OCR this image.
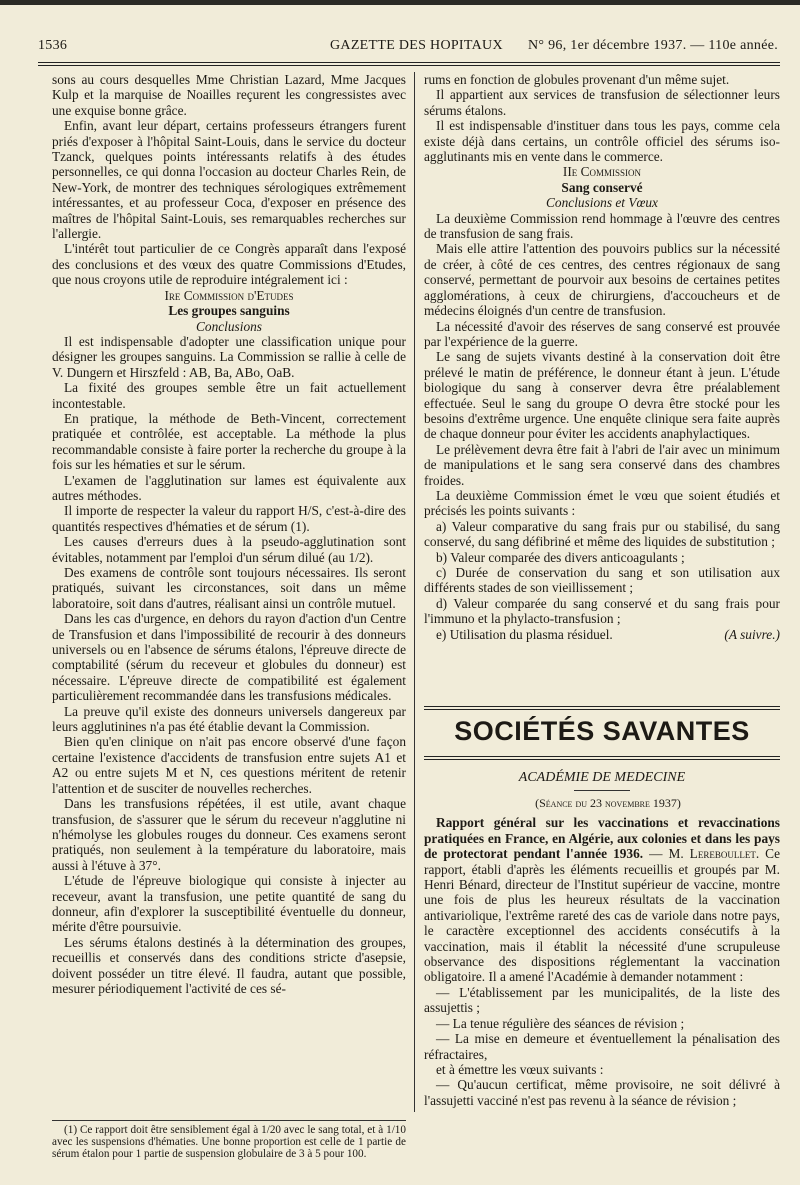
1536	GAZETTE DES HOPITAUX N° 96, 1er décembre 1937. — 110e année.

sons au cours desquelles Mme Christian Lazard, Mme Jacques Kulp et la marquise de Noailles reçurent les congressistes avec une exquise bonne grâce.

Enfin, avant leur départ, certains professeurs étrangers furent priés d'exposer à l'hôpital Saint-Louis, dans le service du docteur Tzanck, quelques points intéressants relatifs à des études personnelles, ce qui donna l'occasion au docteur Charles Rein, de New-York, de montrer des techniques sérologiques extrêmement intéressantes, et au professeur Coca, d'exposer en présence des maîtres de l'hôpital Saint-Louis, ses remarquables recherches sur l'allergie.

L'intérêt tout particulier de ce Congrès apparaît dans l'exposé des conclusions et des vœux des quatre Commissions d'Etudes, que nous croyons utile de reproduire intégralement ici :

Ire Commission d'Etudes

Les groupes sanguins

Conclusions

Il est indispensable d'adopter une classification unique pour désigner les groupes sanguins. La Commission se rallie à celle de V. Dungern et Hirszfeld : AB, Ba, ABo, OaB.

La fixité des groupes semble être un fait actuellement incontestable.

En pratique, la méthode de Beth-Vincent, correctement pratiquée et contrôlée, est acceptable. La méthode la plus recommandable consiste à faire porter la recherche du groupe à la fois sur les hématies et sur le sérum.

L'examen de l'agglutination sur lames est équivalente aux autres méthodes.

Il importe de respecter la valeur du rapport H/S, c'est-à-dire des quantités respectives d'hématies et de sérum (1).

Les causes d'erreurs dues à la pseudo-agglutination sont évitables, notamment par l'emploi d'un sérum dilué (au 1/2).

Des examens de contrôle sont toujours nécessaires. Ils seront pratiqués, suivant les circonstances, soit dans un même laboratoire, soit dans d'autres, réalisant ainsi un contrôle mutuel.

Dans les cas d'urgence, en dehors du rayon d'action d'un Centre de Transfusion et dans l'impossibilité de recourir à des donneurs universels ou en l'absence de sérums étalons, l'épreuve directe de comptabilité (sérum du receveur et globules du donneur) est nécessaire. L'épreuve directe de compatibilité est également particulièrement recommandée dans les transfusions médicales.

La preuve qu'il existe des donneurs universels dangereux par leurs agglutinines n'a pas été établie devant la Commission.

Bien qu'en clinique on n'ait pas encore observé d'une façon certaine l'existence d'accidents de transfusion entre sujets A1 et A2 ou entre sujets M et N, ces questions méritent de retenir l'attention et de susciter de nouvelles recherches.

Dans les transfusions répétées, il est utile, avant chaque transfusion, de s'assurer que le sérum du receveur n'agglutine ni n'hémolyse les globules rouges du donneur. Ces examens seront pratiqués, non seulement à la température du laboratoire, mais aussi à l'étuve à 37°.

L'étude de l'épreuve biologique qui consiste à injecter au receveur, avant la transfusion, une petite quantité de sang du donneur, afin d'explorer la susceptibilité éventuelle du donneur, mérite d'être poursuivie.

Les sérums étalons destinés à la détermination des groupes, recueillis et conservés dans des conditions stricte d'asepsie, doivent posséder un titre élevé. Il faudra, autant que possible, mesurer périodiquement l'activité de ces sé-

(1) Ce rapport doit être sensiblement égal à 1/20 avec le sang total, et à 1/10 avec les suspensions d'hématies. Une bonne proportion est celle de 1 partie de sérum étalon pour 1 partie de suspension globulaire de 3 à 5 pour 100.

rums en fonction de globules provenant d'un même sujet.

Il appartient aux services de transfusion de sélectionner leurs sérums étalons.

Il est indispensable d'instituer dans tous les pays, comme cela existe déjà dans certains, un contrôle officiel des sérums iso-agglutinants mis en vente dans le commerce.

IIe Commission

Sang conservé

Conclusions et Vœux

La deuxième Commission rend hommage à l'œuvre des centres de transfusion de sang frais.

Mais elle attire l'attention des pouvoirs publics sur la nécessité de créer, à côté de ces centres, des centres régionaux de sang conservé, permettant de pourvoir aux besoins de certaines petites agglomérations, à ceux de chirurgiens, d'accoucheurs et de médecins éloignés d'un centre de transfusion.

La nécessité d'avoir des réserves de sang conservé est prouvée par l'expérience de la guerre.

Le sang de sujets vivants destiné à la conservation doit être prélevé le matin de préférence, le donneur étant à jeun. L'étude biologique du sang à conserver devra être préalablement effectuée. Seul le sang du groupe O devra être stocké pour les besoins d'extrême urgence. Une enquête clinique sera faite auprès de chaque donneur pour éviter les accidents anaphylactiques.

Le prélèvement devra être fait à l'abri de l'air avec un minimum de manipulations et le sang sera conservé dans des chambres froides.

La deuxième Commission émet le vœu que soient étudiés et précisés les points suivants :

a) Valeur comparative du sang frais pur ou stabilisé, du sang conservé, du sang défibriné et même des liquides de substitution ;

b) Valeur comparée des divers anticoagulants ;

c) Durée de conservation du sang et son utilisation aux différents stades de son vieillissement ;

d) Valeur comparée du sang conservé et du sang frais pour l'immuno et la phylacto-transfusion ;

e) Utilisation du plasma résiduel.	(A suivre.)

SOCIÉTÉS SAVANTES
ACADÉMIE DE MEDECINE

(Séance du 23 novembre 1937)

Rapport général sur les vaccinations et revaccinations pratiquées en France, en Algérie, aux colonies et dans les pays de protectorat pendant l'année 1936. — M. Lereboullet. Ce rapport, établi d'après les éléments recueillis et groupés par M. Henri Bénard, directeur de l'Institut supérieur de vaccine, montre une fois de plus les heureux résultats de la vaccination antivariolique, l'extrême rareté des cas de variole dans notre pays, le caractère exceptionnel des accidents consécutifs à la vaccination, mais il établit la nécessité d'une scrupuleuse observance des dispositions réglementant la vaccination obligatoire. Il a amené l'Académie à demander notamment :

— L'établissement par les municipalités, de la liste des assujettis ;

— La tenue régulière des séances de révision ;

— La mise en demeure et éventuellement la pénalisation des réfractaires,

et à émettre les vœux suivants :

— Qu'aucun certificat, même provisoire, ne soit délivré à l'assujetti vacciné n'est pas revenu à la séance de révision ;
